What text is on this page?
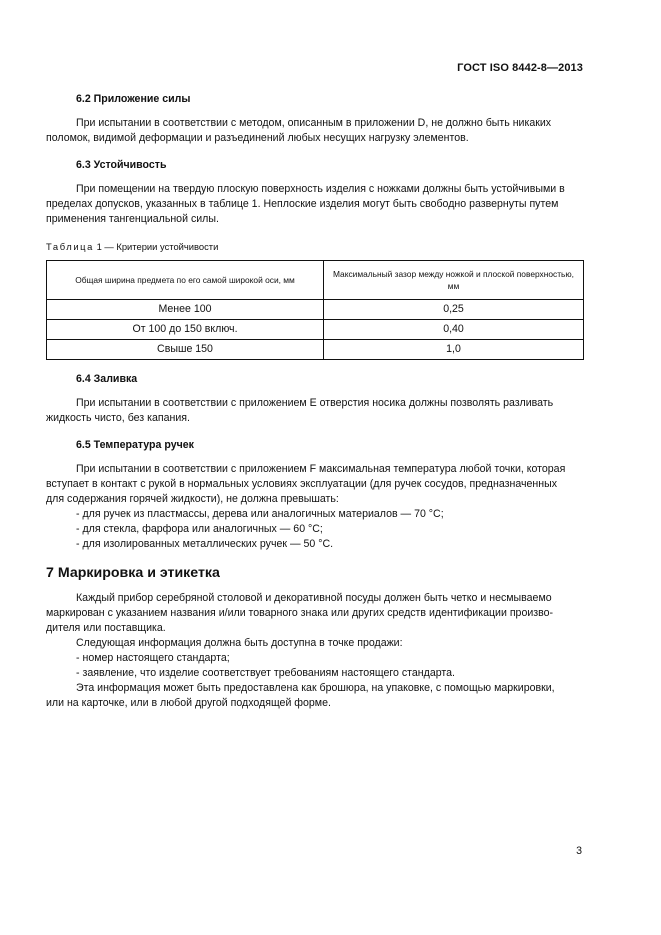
ГОСТ ISO 8442-8—2013
6.2 Приложение силы
При испытании в соответствии с методом, описанным в приложении D, не должно быть никаких
поломок, видимой деформации и разъединений любых несущих нагрузку элементов.
6.3 Устойчивость
При помещении на твердую плоскую поверхность изделия с ножками должны быть устойчивыми в
пределах допусков, указанных в таблице 1. Неплоские изделия могут быть свободно развернуты путем
применения тангенциальной силы.
Таблица 1 — Критерии устойчивости
Общая ширина предмета по его самой широкой оси, мм	Максимальный зазор между ножкой и плоской поверхностью, мм
Менее 100	0,25
От 100 до 150 включ.	0,40
Свыше 150	1,0
6.4 Заливка
При испытании в соответствии с приложением E отверстия носика должны позволять разливать
жидкость чисто, без капания.
6.5 Температура ручек
При испытании в соответствии с приложением F максимальная температура любой точки, которая
вступает в контакт с рукой в нормальных условиях эксплуатации (для ручек сосудов, предназначенных
для содержания горячей жидкости), не должна превышать:
- для ручек из пластмассы, дерева или аналогичных материалов — 70 °С;
- для стекла, фарфора или аналогичных — 60 °С;
- для изолированных металлических ручек — 50 °С.
7 Маркировка и этикетка
Каждый прибор серебряной столовой и декоративной посуды должен быть четко и несмываемо
маркирован с указанием названия и/или товарного знака или других средств идентификации произво-
дителя или поставщика.
Следующая информация должна быть доступна в точке продажи:
- номер настоящего стандарта;
- заявление, что изделие соответствует требованиям настоящего стандарта.
Эта информация может быть предоставлена как брошюра, на упаковке, с помощью маркировки,
или на карточке, или в любой другой подходящей форме.
3
